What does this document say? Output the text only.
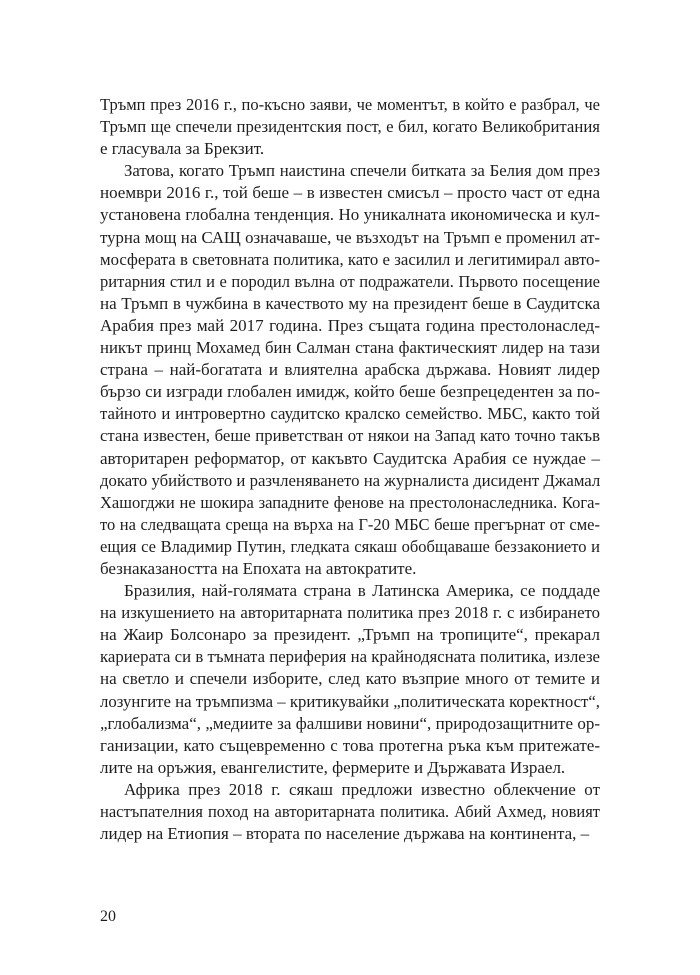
Тръмп през 2016 г., по-късно заяви, че моментът, в който е разбрал, че
Тръмп ще спечели президентския пост, е бил, когато Великобритания
е гласувала за Брекзит.
Затова, когато Тръмп наистина спечели битката за Белия дом през
ноември 2016 г., той беше – в известен смисъл – просто част от една
установена глобална тенденция. Но уникалната икономическа и кул-
турна мощ на САЩ означаваше, че възходът на Тръмп е променил ат-
мосферата в световната политика, като е засилил и легитимирал авто-
ритарния стил и е породил вълна от подражатели. Първото посещение
на Тръмп в чужбина в качеството му на президент беше в Саудитска
Арабия през май 2017 година. През същата година престолонаслед-
никът принц Мохамед бин Салман стана фактическият лидер на тази
страна – най-богатата и влиятелна арабска държава. Новият лидер
бързо си изгради глобален имидж, който беше безпрецедентен за по-
тайното и интровертно саудитско кралско семейство. МБС, както той
стана известен, беше приветстван от някои на Запад като точно такъв
авторитарен реформатор, от какъвто Саудитска Арабия се нуждае –
докато убийството и разчленяването на журналиста дисидент Джамал
Хашогджи не шокира западните фенове на престолонаследника. Кога-
то на следващата среща на върха на Г-20 МБС беше прегърнат от сме-
ещия се Владимир Путин, гледката сякаш обобщаваше беззаконието и
безнаказаността на Епохата на автократите.
Бразилия, най-голямата страна в Латинска Америка, се поддаде
на изкушението на авторитарната политика през 2018 г. с избирането
на Жаир Болсонаро за президент. „Тръмп на тропиците“, прекарал
кариерата си в тъмната периферия на крайнодясната политика, излезе
на светло и спечели изборите, след като възприе много от темите и
лозунгите на тръмпизма – критикувайки „политическата коректност“,
„глобализма“, „медиите за фалшиви новини“, природозащитните ор-
ганизации, като същевременно с това протегна ръка към притежате-
лите на оръжия, евангелистите, фермерите и Държавата Израел.
Африка през 2018 г. сякаш предложи известно облекчение от
настъпателния поход на авторитарната политика. Абий Ахмед, новият
лидер на Етиопия – втората по население държава на континента, –
20
